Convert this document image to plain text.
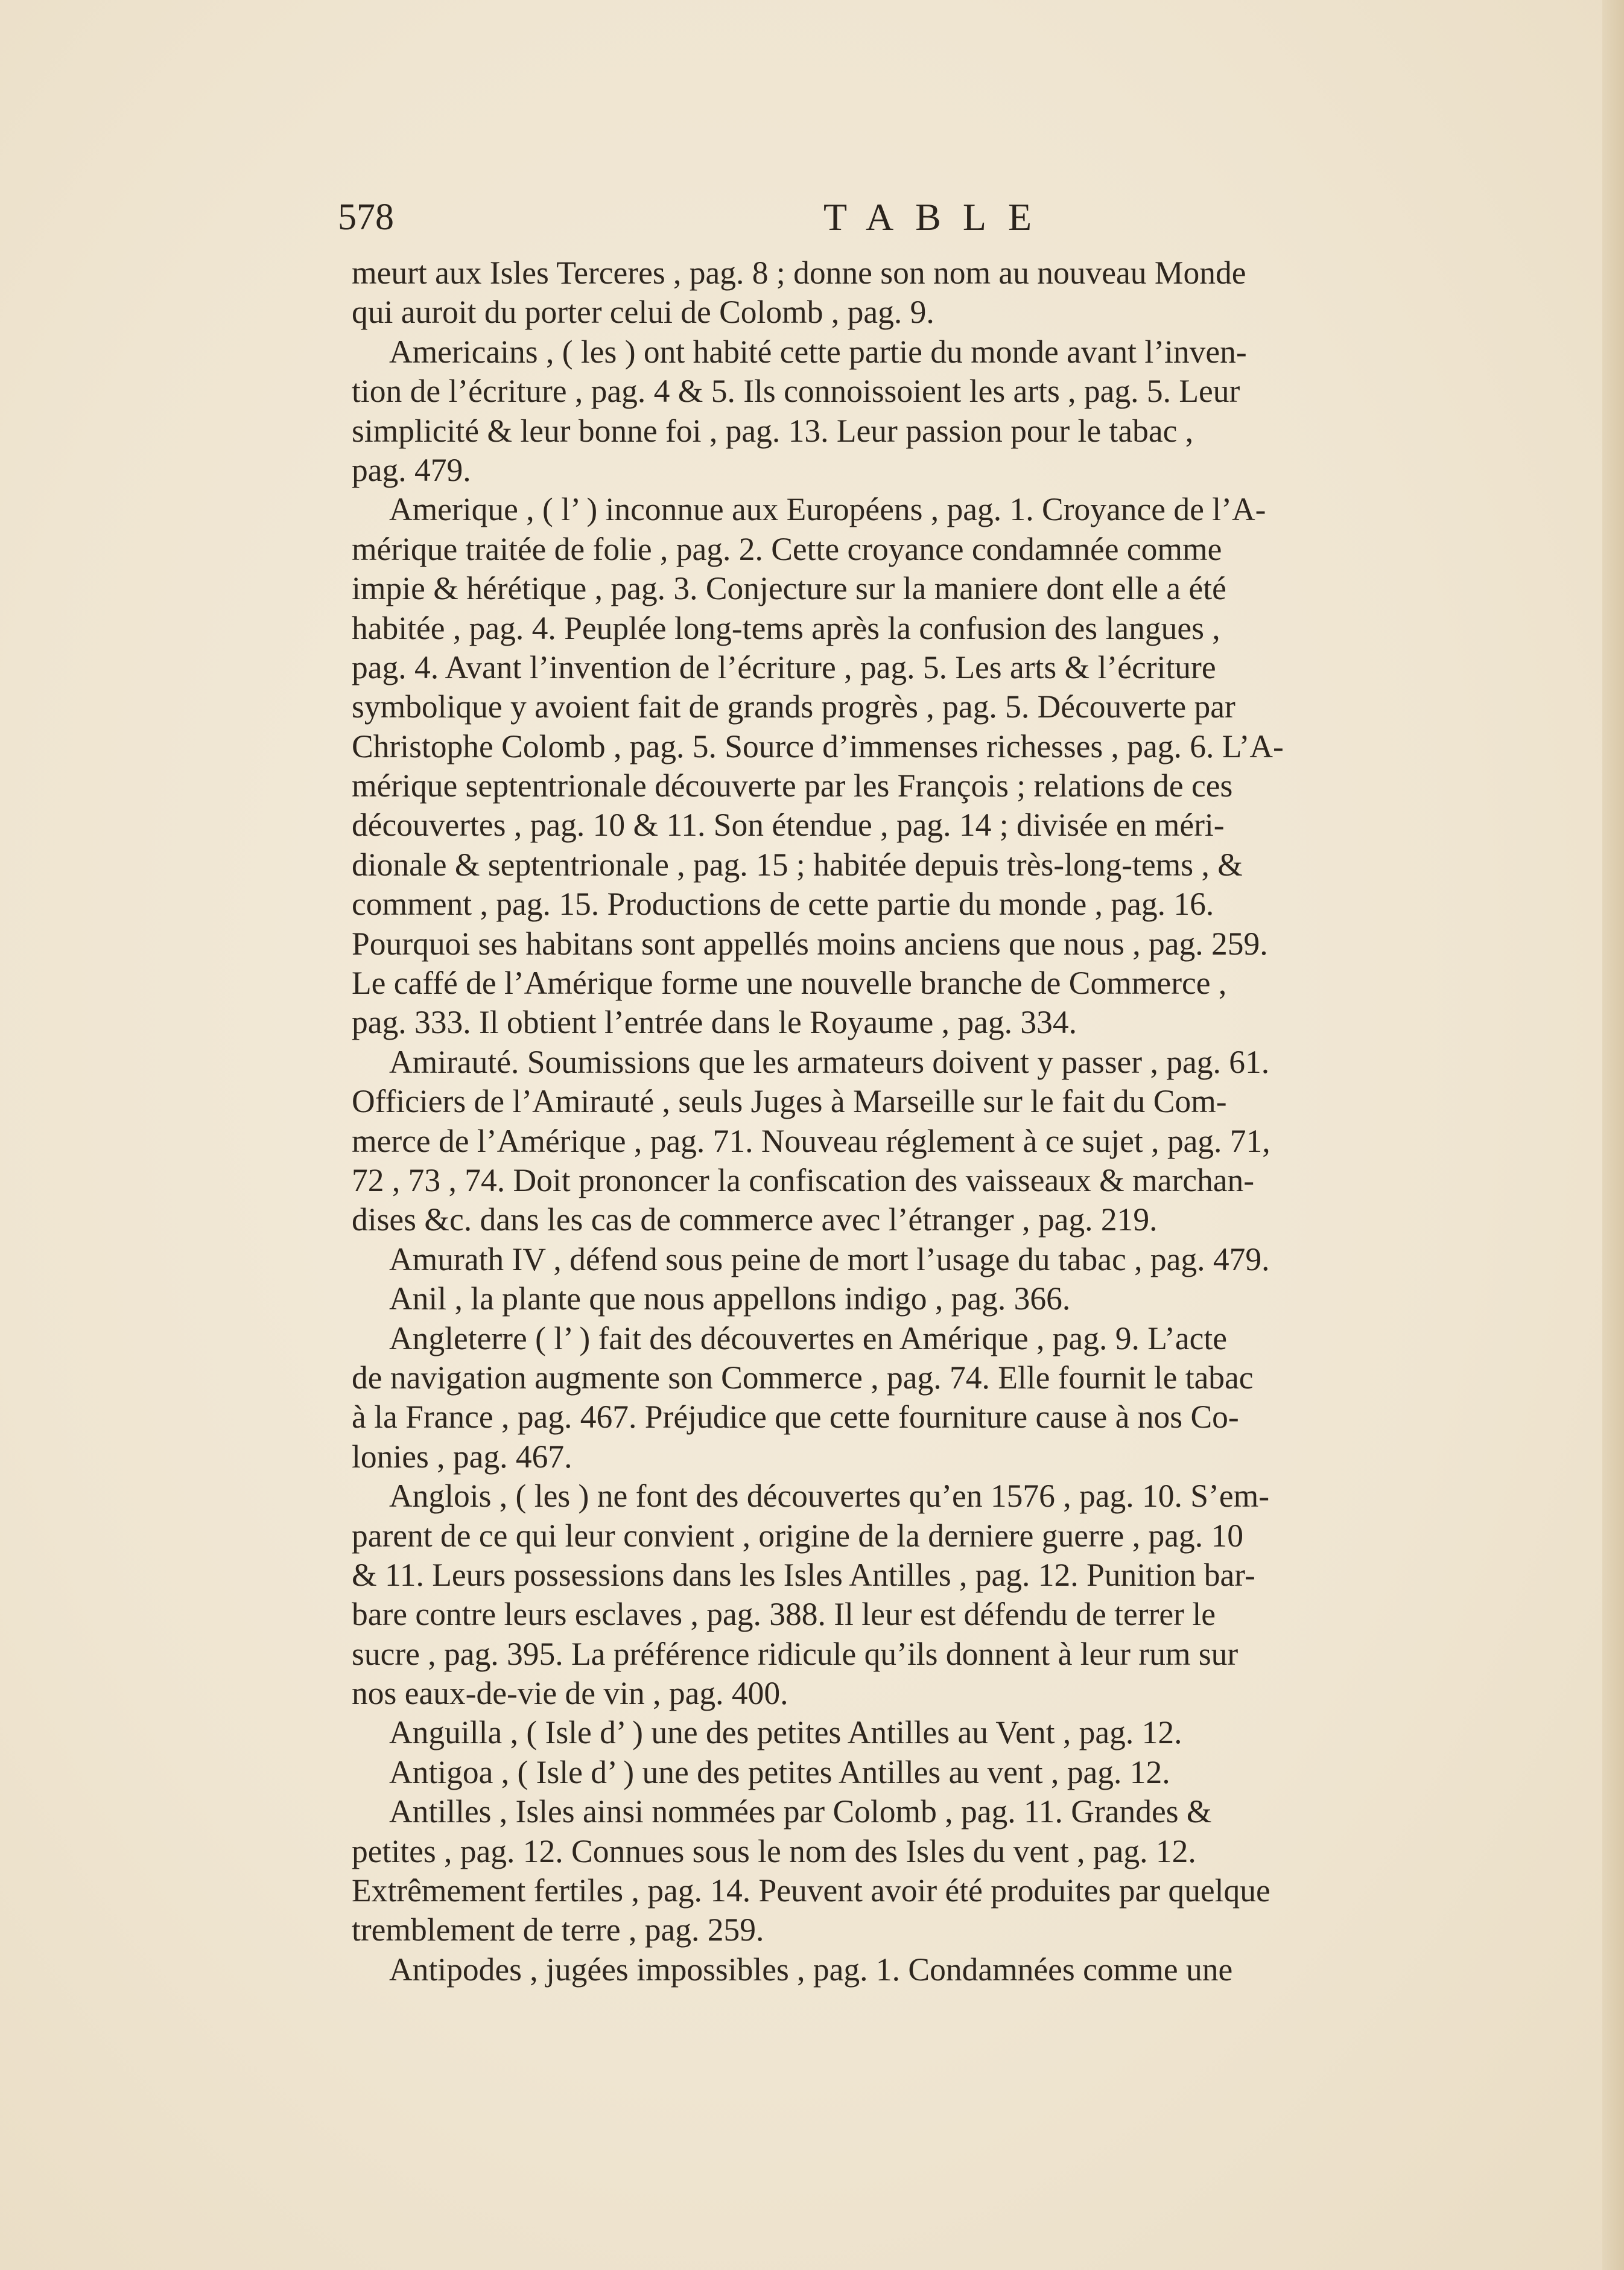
578	TABLE
meurt aux Isles Terceres , pag. 8 ; donne son nom au nouveau Monde
qui auroit du porter celui de Colomb , pag. 9.
Americains , ( les ) ont habité cette partie du monde avant l’inven-
tion de l’écriture , pag. 4 & 5. Ils connoissoient les arts , pag. 5. Leur
simplicité & leur bonne foi , pag. 13. Leur passion pour le tabac ,
pag. 479.
Amerique , ( l’ ) inconnue aux Européens , pag. 1. Croyance de l’A-
mérique traitée de folie , pag. 2. Cette croyance condamnée comme
impie & hérétique , pag. 3. Conjecture sur la maniere dont elle a été
habitée , pag. 4. Peuplée long-tems après la confusion des langues ,
pag. 4. Avant l’invention de l’écriture , pag. 5. Les arts & l’écriture
symbolique y avoient fait de grands progrès , pag. 5. Découverte par
Christophe Colomb , pag. 5. Source d’immenses richesses , pag. 6. L’A-
mérique septentrionale découverte par les François ; relations de ces
découvertes , pag. 10 & 11. Son étendue , pag. 14 ; divisée en méri-
dionale & septentrionale , pag. 15 ; habitée depuis très-long-tems , &
comment , pag. 15. Productions de cette partie du monde , pag. 16.
Pourquoi ses habitans sont appellés moins anciens que nous , pag. 259.
Le caffé de l’Amérique forme une nouvelle branche de Commerce ,
pag. 333. Il obtient l’entrée dans le Royaume , pag. 334.
Amirauté. Soumissions que les armateurs doivent y passer , pag. 61.
Officiers de l’Amirauté , seuls Juges à Marseille sur le fait du Com-
merce de l’Amérique , pag. 71. Nouveau réglement à ce sujet , pag. 71,
72 , 73 , 74. Doit prononcer la confiscation des vaisseaux & marchan-
dises &c. dans les cas de commerce avec l’étranger , pag. 219.
Amurath IV , défend sous peine de mort l’usage du tabac , pag. 479.
Anil , la plante que nous appellons indigo , pag. 366.
Angleterre ( l’ ) fait des découvertes en Amérique , pag. 9. L’acte
de navigation augmente son Commerce , pag. 74. Elle fournit le tabac
à la France , pag. 467. Préjudice que cette fourniture cause à nos Co-
lonies , pag. 467.
Anglois , ( les ) ne font des découvertes qu’en 1576 , pag. 10. S’em-
parent de ce qui leur convient , origine de la derniere guerre , pag. 10
& 11. Leurs possessions dans les Isles Antilles , pag. 12. Punition bar-
bare contre leurs esclaves , pag. 388. Il leur est défendu de terrer le
sucre , pag. 395. La préférence ridicule qu’ils donnent à leur rum sur
nos eaux-de-vie de vin , pag. 400.
Anguilla , ( Isle d’ ) une des petites Antilles au Vent , pag. 12.
Antigoa , ( Isle d’ ) une des petites Antilles au vent , pag. 12.
Antilles , Isles ainsi nommées par Colomb , pag. 11. Grandes &
petites , pag. 12. Connues sous le nom des Isles du vent , pag. 12.
Extrêmement fertiles , pag. 14. Peuvent avoir été produites par quelque
tremblement de terre , pag. 259.
Antipodes , jugées impossibles , pag. 1. Condamnées comme une
